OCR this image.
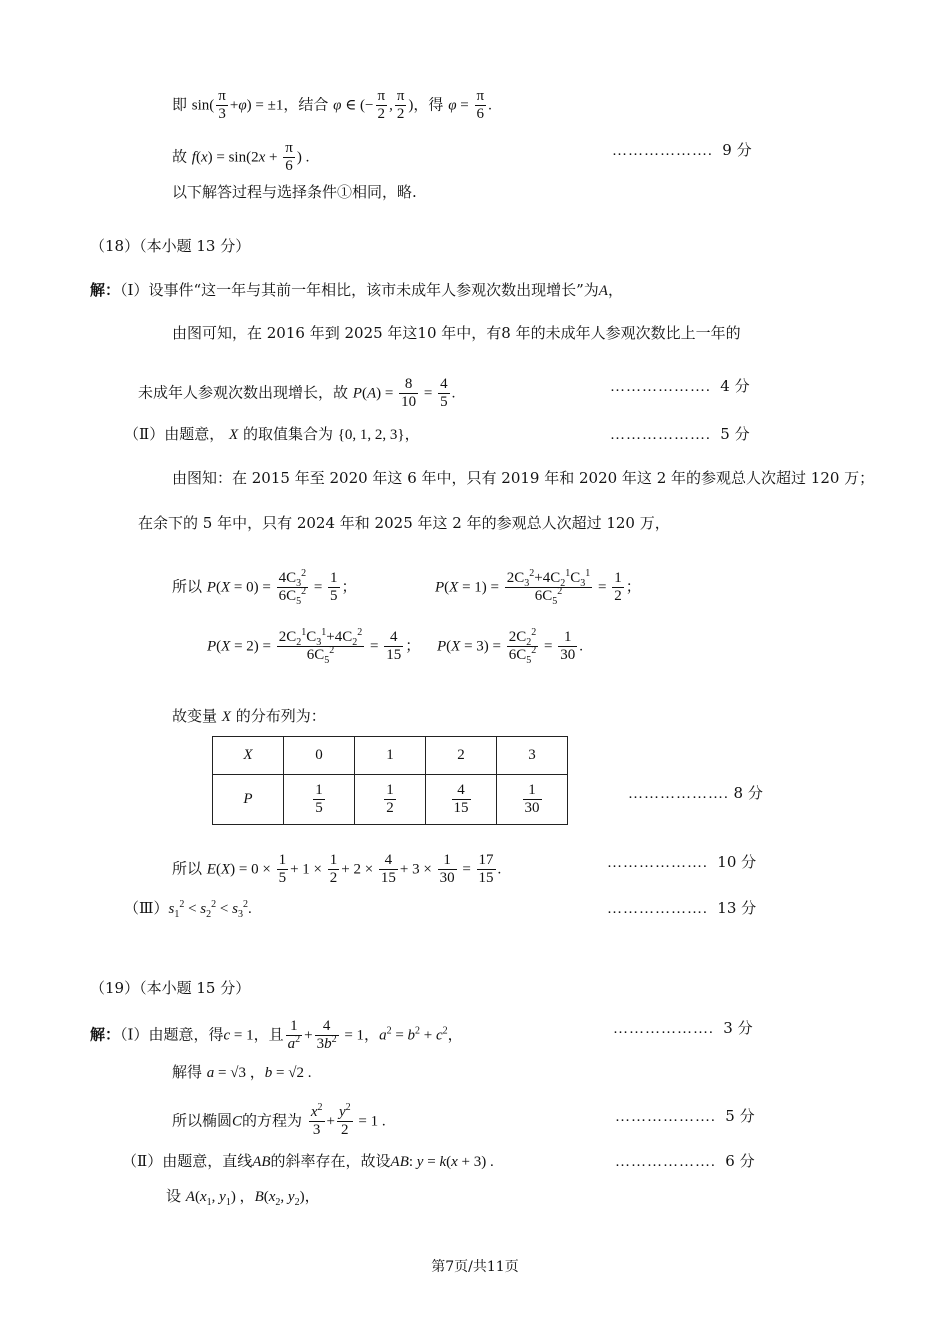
即 $\sin( \frac{\pi}{3} +\varphi) = \pm 1$，结合 φ ∈ (− $\frac{\pi}{2}$ , $\frac{\pi}{2}$ )，得 $\varphi = \frac{\pi}{6}$ .
故 $f(x) = \sin(2x + \frac{\pi}{6}$ ) .	………………. 9 分
以下解答过程与选择条件①相同，略.
（18）（本小题 13 分）
解：（Ⅰ）设事件“这一年与其前一年相比，该市未成年人参观次数出现增长”为A，
由图可知，在 2016 年到 2025 年这10 年中，有8 年的未成年人参观次数比上一年的
未成年人参观次数出现增长，故 $P(A) = \frac{8}{10} = \frac{4}{5}$ .	………………. 4 分
（Ⅱ）由题意， X 的取值集合为 {0, 1, 2, 3}，	………………. 5 分
由图知：在 2015 年至 2020 年这 6 年中，只有 2019 年和 2020 年这 2 年的参观总人次超过 120 万；
在余下的 5 年中，只有 2024 年和 2025 年这 2 年的参观总人次超过 120 万，
所以 $P(X = 0) = \frac{4C_3^2}{6C_5^2} = \frac{1}{5}$ ；	$P(X = 1) = \frac{2C_3^2+4C_2^1C_3^1}{6C_5^2} = \frac{1}{2}$ ；
$P(X = 2) = \frac{2C_2^1C_3^1+4C_2^2}{6C_5^2} = \frac{4}{15}$ ； $P(X = 3) = \frac{2C_2^2}{6C_5^2} = \frac{1}{30}$ .
故变量 X 的分布列为：
X	0	1	2	3
P	$\frac{1}{5}$	$\frac{1}{2}$	$\frac{4}{15}$	$\frac{1}{30}$	………………. 8 分
所以 $E(X) = 0 \times \frac{1}{5} + 1 \times \frac{1}{2} + 2 \times \frac{4}{15} + 3 \times \frac{1}{30} = \frac{17}{15}$ .	………………. 10 分
$(Ⅲ)s_1^2 < s_2^2 < s_3^2$.	………………. 13 分
（19）（本小题 15 分）
解：（Ⅰ）由题意，得c = 1，且 $\frac{1}{a^2} + \frac{4}{3b^2} = 1$，$a^2 = b^2 + c^2$，	………………. 3 分
解得 a = √3 ，b = √2 .
所以椭圆C的方程为 $\frac{x^2}{3} + \frac{y^2}{2} = 1$ .	………………. 5 分
（Ⅱ）由题意，直线AB的斜率存在，故设AB: y = k(x + 3) .	………………. 6 分
设 $A(x_1$, $y_1$) ，$B(x_2$, $y_2$)，
第7页/共11页
